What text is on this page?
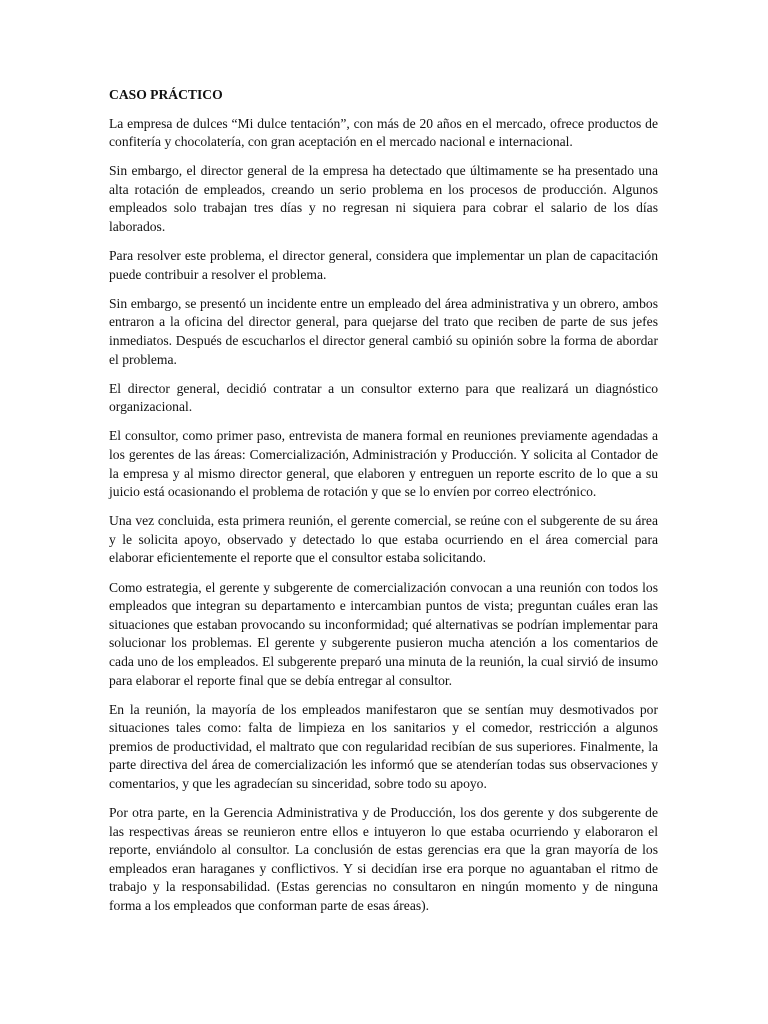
CASO PRÁCTICO

La empresa de dulces “Mi dulce tentación”, con más de 20 años en el mercado, ofrece productos de confitería y chocolatería, con gran aceptación en el mercado nacional e internacional.

Sin embargo, el director general de la empresa ha detectado que últimamente se ha presentado una alta rotación de empleados, creando un serio problema en los procesos de producción. Algunos empleados solo trabajan tres días y no regresan ni siquiera para cobrar el salario de los días laborados.

Para resolver este problema, el director general, considera que implementar un plan de capacitación puede contribuir a resolver el problema.

Sin embargo, se presentó un incidente entre un empleado del área administrativa y un obrero, ambos entraron a la oficina del director general, para quejarse del trato que reciben de parte de sus jefes inmediatos. Después de escucharlos el director general cambió su opinión sobre la forma de abordar el problema.

El director general, decidió contratar a un consultor externo para que realizará un diagnóstico organizacional.

El consultor, como primer paso, entrevista de manera formal en reuniones previamente agendadas a los gerentes de las áreas: Comercialización, Administración y Producción. Y solicita al Contador de la empresa y al mismo director general, que elaboren y entreguen un reporte escrito de lo que a su juicio está ocasionando el problema de rotación y que se lo envíen por correo electrónico.

Una vez concluida, esta primera reunión, el gerente comercial, se reúne con el subgerente de su área y le solicita apoyo, observado y detectado lo que estaba ocurriendo en el área comercial para elaborar eficientemente el reporte que el consultor estaba solicitando.

Como estrategia, el gerente y subgerente de comercialización convocan a una reunión con todos los empleados que integran su departamento e intercambian puntos de vista; preguntan cuáles eran las situaciones que estaban provocando su inconformidad; qué alternativas se podrían implementar para solucionar los problemas. El gerente y subgerente pusieron mucha atención a los comentarios de cada uno de los empleados. El subgerente preparó una minuta de la reunión, la cual sirvió de insumo para elaborar el reporte final que se debía entregar al consultor.

En la reunión, la mayoría de los empleados manifestaron que se sentían muy desmotivados por situaciones tales como: falta de limpieza en los sanitarios y el comedor, restricción a algunos premios de productividad, el maltrato que con regularidad recibían de sus superiores. Finalmente, la parte directiva del área de comercialización les informó que se atenderían todas sus observaciones y comentarios, y que les agradecían su sinceridad, sobre todo su apoyo.

Por otra parte, en la Gerencia Administrativa y de Producción, los dos gerente y dos subgerente de las respectivas áreas se reunieron entre ellos e intuyeron lo que estaba ocurriendo y elaboraron el reporte, enviándolo al consultor. La conclusión de estas gerencias era que la gran mayoría de los empleados eran haraganes y conflictivos. Y si decidían irse era porque no aguantaban el ritmo de trabajo y la responsabilidad. (Estas gerencias no consultaron en ningún momento y de ninguna forma a los empleados que conforman parte de esas áreas).
